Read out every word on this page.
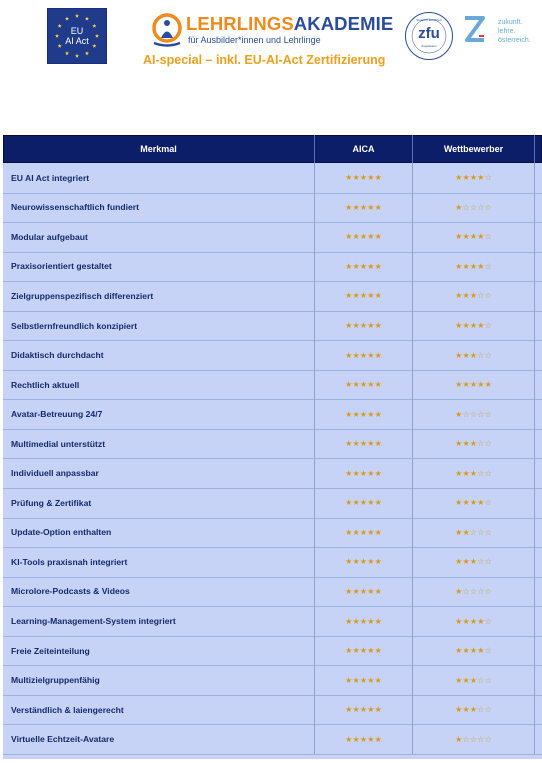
EU
AI Act
LEHRLINGSAKADEMIE
für Ausbilder*innen und Lehrlinge
AI-special – inkl. EU-AI-Act Zertifizierung
Staatlich Zertifiziert
zfu
Zugelassen
zukunft.
lehre.
österreich.
Merkmal	AICA	Wettbewerber
EU AI Act integriert	★★★★★	★★★★☆
Neurowissenschaftlich fundiert	★★★★★	★☆☆☆☆
Modular aufgebaut	★★★★★	★★★★☆
Praxisorientiert gestaltet	★★★★★	★★★★☆
Zielgruppenspezifisch differenziert	★★★★★	★★★☆☆
Selbstlernfreundlich konzipiert	★★★★★	★★★★☆
Didaktisch durchdacht	★★★★★	★★★☆☆
Rechtlich aktuell	★★★★★	★★★★★
Avatar-Betreuung 24/7	★★★★★	★☆☆☆☆
Multimedial unterstützt	★★★★★	★★★☆☆
Individuell anpassbar	★★★★★	★★★☆☆
Prüfung & Zertifikat	★★★★★	★★★★☆
Update-Option enthalten	★★★★★	★★☆☆☆
KI-Tools praxisnah integriert	★★★★★	★★★☆☆
Microlore-Podcasts & Videos	★★★★★	★☆☆☆☆
Learning-Management-System integriert	★★★★★	★★★★☆
Freie Zeiteinteilung	★★★★★	★★★★☆
Multizielgruppenfähig	★★★★★	★★★☆☆
Verständlich & laiengerecht	★★★★★	★★★☆☆
Virtuelle Echtzeit-Avatare	★★★★★	★☆☆☆☆
